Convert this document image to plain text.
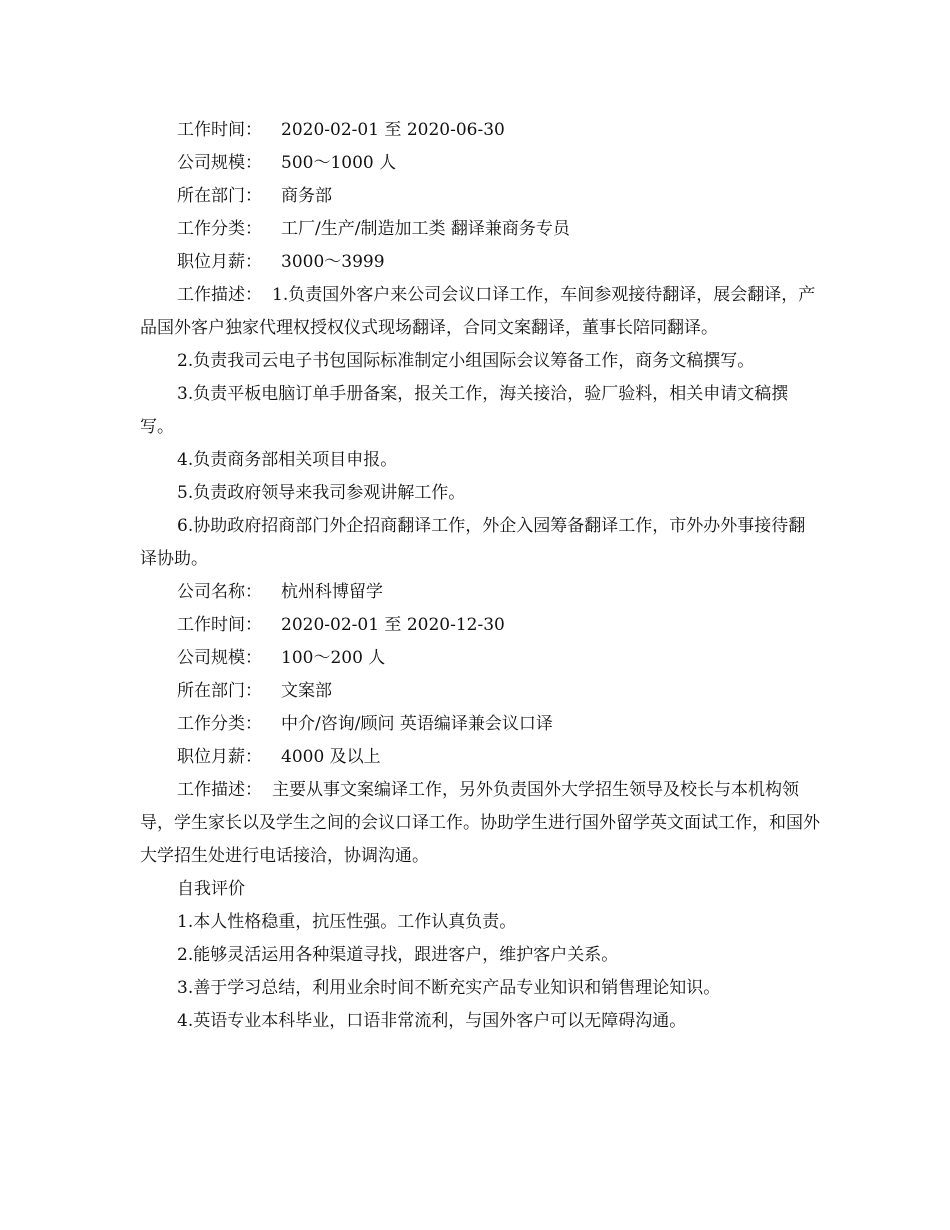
工作时间： 2020-02-01 至 2020-06-30
公司规模： 500～1000 人
所在部门： 商务部
工作分类： 工厂/生产/制造加工类 翻译兼商务专员
职位月薪： 3000～3999

工作描述： 1.负责国外客户来公司会议口译工作，车间参观接待翻译，展会翻译，产品国外客户独家代理权授权仪式现场翻译，合同文案翻译，董事长陪同翻译。

2.负责我司云电子书包国际标准制定小组国际会议筹备工作，商务文稿撰写。

3.负责平板电脑订单手册备案，报关工作，海关接洽，验厂验料，相关申请文稿撰写。

4.负责商务部相关项目申报。

5.负责政府领导来我司参观讲解工作。

6.协助政府招商部门外企招商翻译工作，外企入园筹备翻译工作，市外办外事接待翻译协助。

公司名称： 杭州科博留学
工作时间： 2020-02-01 至 2020-12-30
公司规模： 100～200 人
所在部门： 文案部
工作分类： 中介/咨询/顾问 英语编译兼会议口译
职位月薪： 4000 及以上

工作描述： 主要从事文案编译工作，另外负责国外大学招生领导及校长与本机构领导，学生家长以及学生之间的会议口译工作。协助学生进行国外留学英文面试工作，和国外大学招生处进行电话接洽，协调沟通。

自我评价

1.本人性格稳重，抗压性强。工作认真负责。

2.能够灵活运用各种渠道寻找，跟进客户，维护客户关系。

3.善于学习总结，利用业余时间不断充实产品专业知识和销售理论知识。

4.英语专业本科毕业，口语非常流利，与国外客户可以无障碍沟通。
